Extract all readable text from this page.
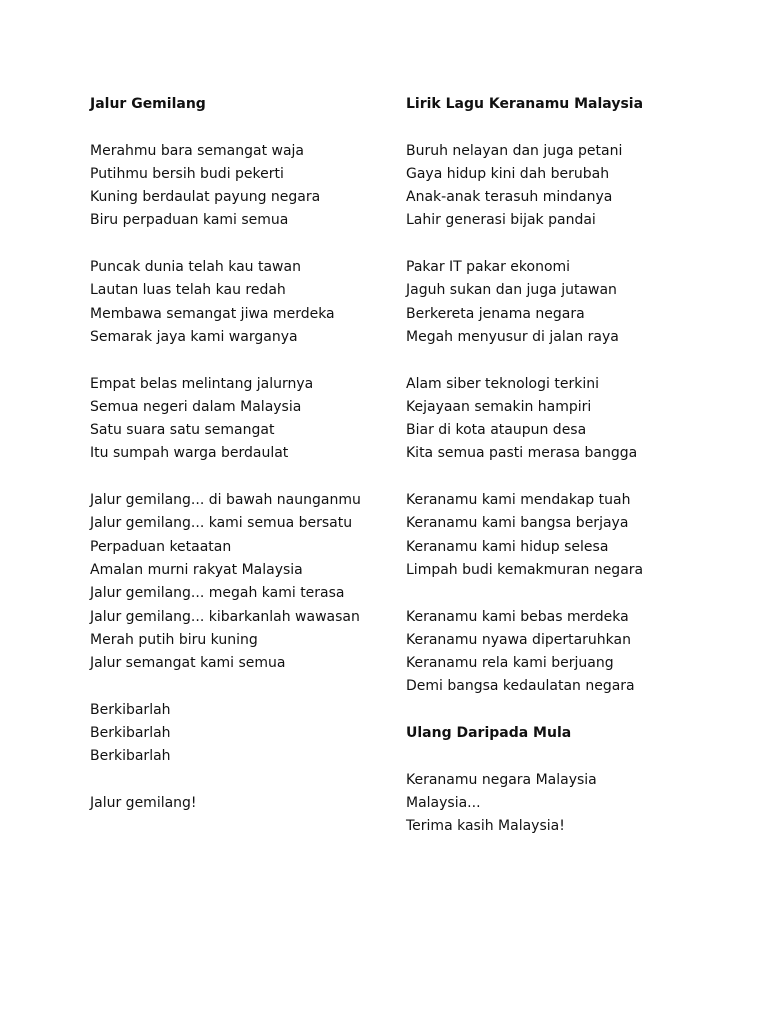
Jalur Gemilang
Merahmu bara semangat waja
Putihmu bersih budi pekerti
Kuning berdaulat payung negara
Biru perpaduan kami semua
Puncak dunia telah kau tawan
Lautan luas telah kau redah
Membawa semangat jiwa merdeka
Semarak jaya kami warganya
Empat belas melintang jalurnya
Semua negeri dalam Malaysia
Satu suara satu semangat
Itu sumpah warga berdaulat
Jalur gemilang... di bawah naunganmu
Jalur gemilang... kami semua bersatu
Perpaduan ketaatan
Amalan murni rakyat Malaysia
Jalur gemilang... megah kami terasa
Jalur gemilang... kibarkanlah wawasan
Merah putih biru kuning
Jalur semangat kami semua
Berkibarlah
Berkibarlah
Berkibarlah
Jalur gemilang!
Lirik Lagu Keranamu Malaysia
Buruh nelayan dan juga petani
Gaya hidup kini dah berubah
Anak-anak terasuh mindanya
Lahir generasi bijak pandai
Pakar IT pakar ekonomi
Jaguh sukan dan juga jutawan
Berkereta jenama negara
Megah menyusur di jalan raya
Alam siber teknologi terkini
Kejayaan semakin hampiri
Biar di kota ataupun desa
Kita semua pasti merasa bangga
Keranamu kami mendakap tuah
Keranamu kami bangsa berjaya
Keranamu kami hidup selesa
Limpah budi kemakmuran negara
Keranamu kami bebas merdeka
Keranamu nyawa dipertaruhkan
Keranamu rela kami berjuang
Demi bangsa kedaulatan negara
Ulang Daripada Mula
Keranamu negara Malaysia
Malaysia...
Terima kasih Malaysia!
